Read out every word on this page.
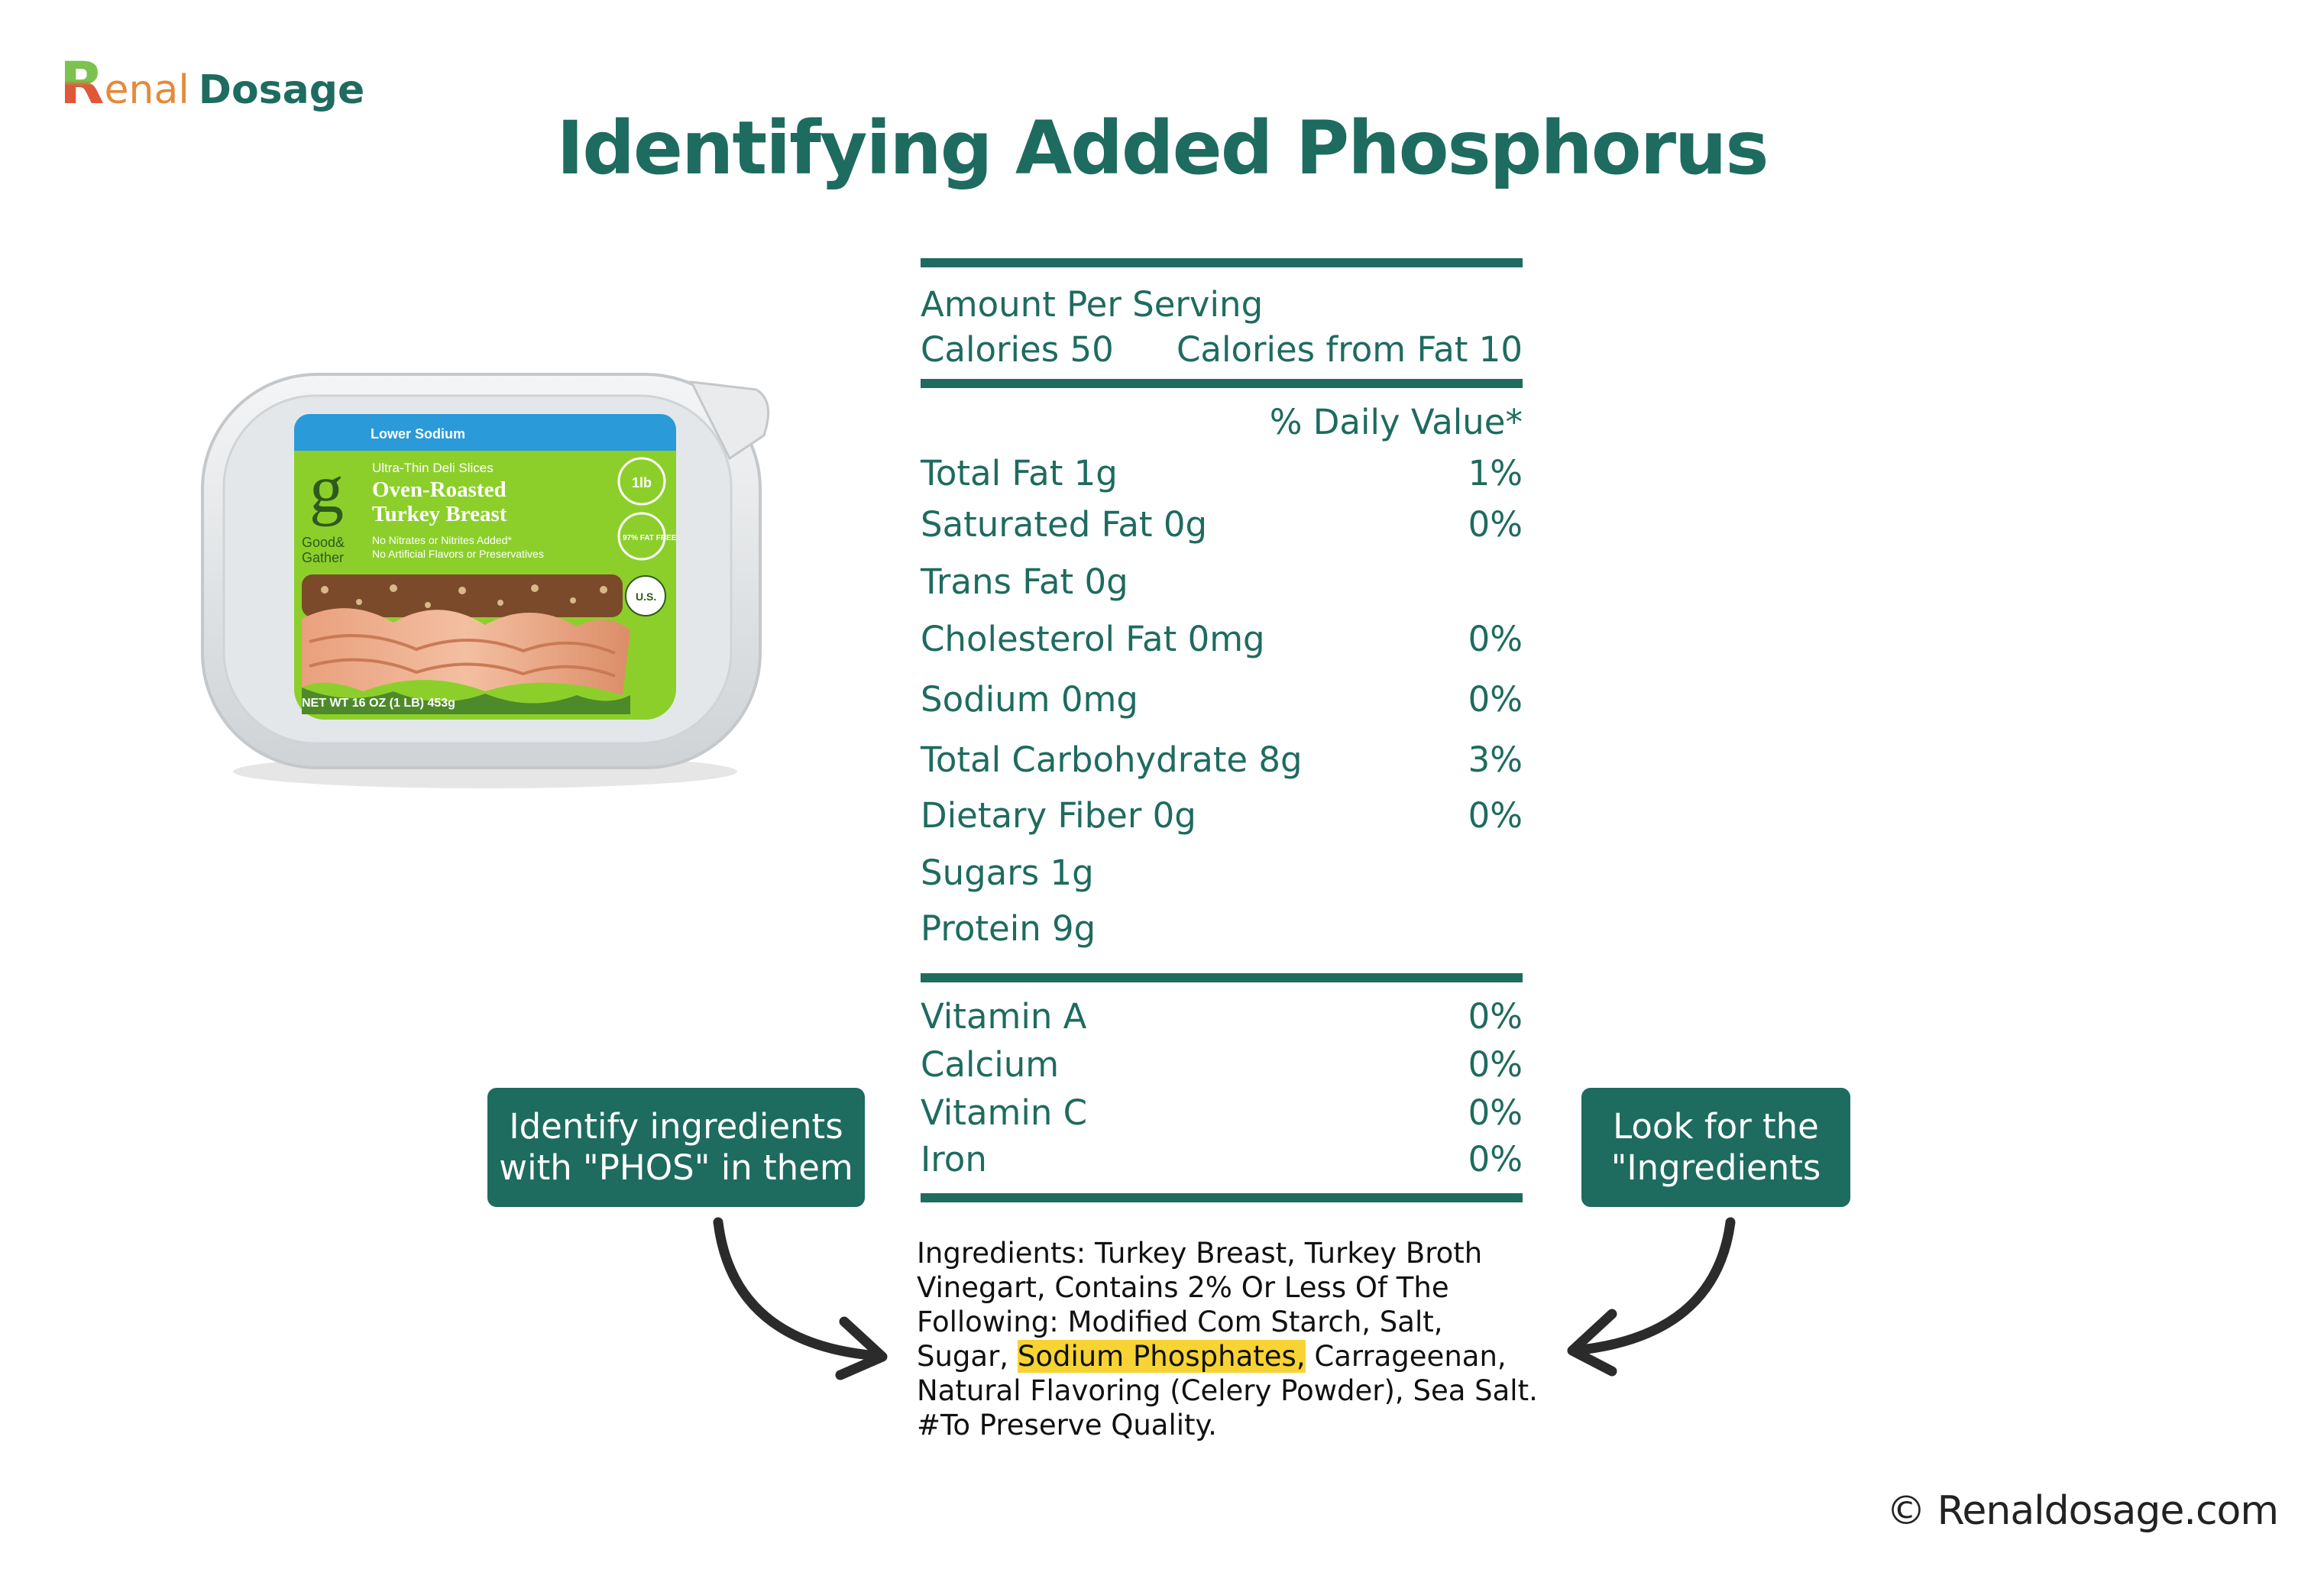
R enal Dosage
Identifying Added Phosphorus
Lower Sodium
g
Good&
Gather
Ultra-Thin Deli Slices
Oven-Roasted
Turkey Breast
No Nitrates or Nitrites Added*
No Artificial Flavors or Preservatives
1lb
97% FAT FREE
U.S.
NET WT 16 OZ (1 LB) 453g
Amount Per Serving
Calories 50 Calories from Fat 10
% Daily Value*
Total Fat 1g	1%
Saturated Fat 0g	0%
Trans Fat 0g
Cholesterol Fat 0mg	0%
Sodium 0mg	0%
Total Carbohydrate 8g	3%
Dietary Fiber 0g	0%
Sugars 1g
Protein 9g
Vitamin A	0%
Calcium	0%
Vitamin C	0%
Iron	0%
Ingredients: Turkey Breast, Turkey Broth Vinegart, Contains 2% Or Less Of The Following: Modified Com Starch, Salt, Sugar, Sodium Phosphates, Carrageenan, Natural Flavoring (Celery Powder), Sea Salt. #To Preserve Quality.
Identify ingredients
with "PHOS" in them
Look for the
"Ingredients
© Renaldosage.com
